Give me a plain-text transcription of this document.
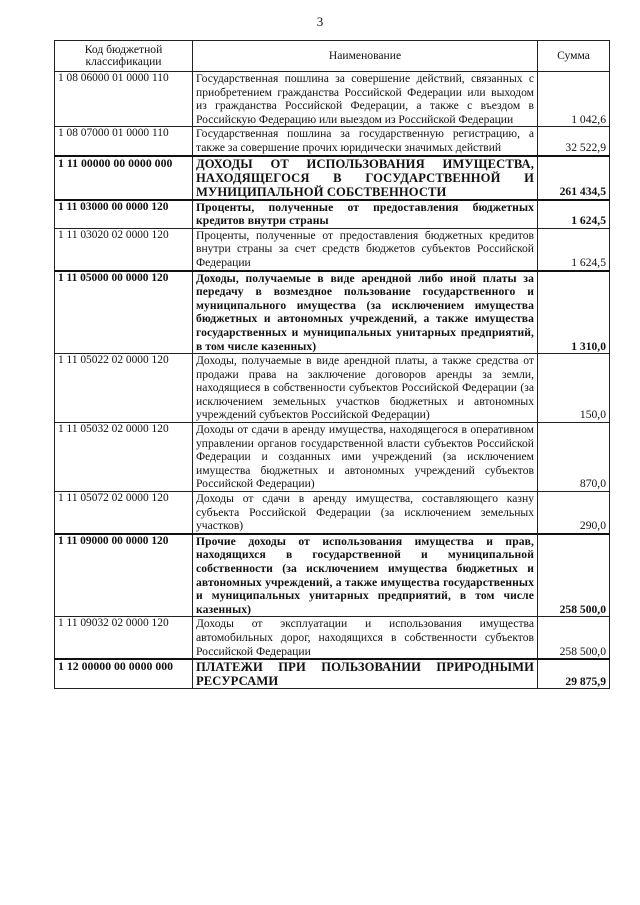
3
Код бюджетной классификации	Наименование	Сумма
1 08 06000 01 0000 110	Государственная пошлина за совершение действий, связанных с приобретением гражданства Российской Федерации или выходом из гражданства Российской Федерации, а также с въездом в Российскую Федерацию или выездом из Российской Федерации	1 042,6
1 08 07000 01 0000 110	Государственная пошлина за государственную регистрацию, а также за совершение прочих юридически значимых действий	32 522,9
1 11 00000 00 0000 000	ДОХОДЫ ОТ ИСПОЛЬЗОВАНИЯ ИМУЩЕСТВА, НАХОДЯЩЕГОСЯ В ГОСУДАРСТВЕННОЙ И МУНИЦИПАЛЬНОЙ СОБСТВЕННОСТИ	261 434,5
1 11 03000 00 0000 120	Проценты, полученные от предоставления бюджетных кредитов внутри страны	1 624,5
1 11 03020 02 0000 120	Проценты, полученные от предоставления бюджетных кредитов внутри страны за счет средств бюджетов субъектов Российской Федерации	1 624,5
1 11 05000 00 0000 120	Доходы, получаемые в виде арендной либо иной платы за передачу в возмездное пользование государственного и муниципального имущества (за исключением имущества бюджетных и автономных учреждений, а также имущества государственных и муниципальных унитарных предприятий, в том числе казенных)	1 310,0
1 11 05022 02 0000 120	Доходы, получаемые в виде арендной платы, а также средства от продажи права на заключение договоров аренды за земли, находящиеся в собственности субъектов Российской Федерации (за исключением земельных участков бюджетных и автономных учреждений субъектов Российской Федерации)	150,0
1 11 05032 02 0000 120	Доходы от сдачи в аренду имущества, находящегося в оперативном управлении органов государственной власти субъектов Российской Федерации и созданных ими учреждений (за исключением имущества бюджетных и автономных учреждений субъектов Российской Федерации)	870,0
1 11 05072 02 0000 120	Доходы от сдачи в аренду имущества, составляющего казну субъекта Российской Федерации (за исключением земельных участков)	290,0
1 11 09000 00 0000 120	Прочие доходы от использования имущества и прав, находящихся в государственной и муниципальной собственности (за исключением имущества бюджетных и автономных учреждений, а также имущества государственных и муниципальных унитарных предприятий, в том числе казенных)	258 500,0
1 11 09032 02 0000 120	Доходы от эксплуатации и использования имущества автомобильных дорог, находящихся в собственности субъектов Российской Федерации	258 500,0
1 12 00000 00 0000 000	ПЛАТЕЖИ ПРИ ПОЛЬЗОВАНИИ ПРИРОДНЫМИ РЕСУРСАМИ	29 875,9
